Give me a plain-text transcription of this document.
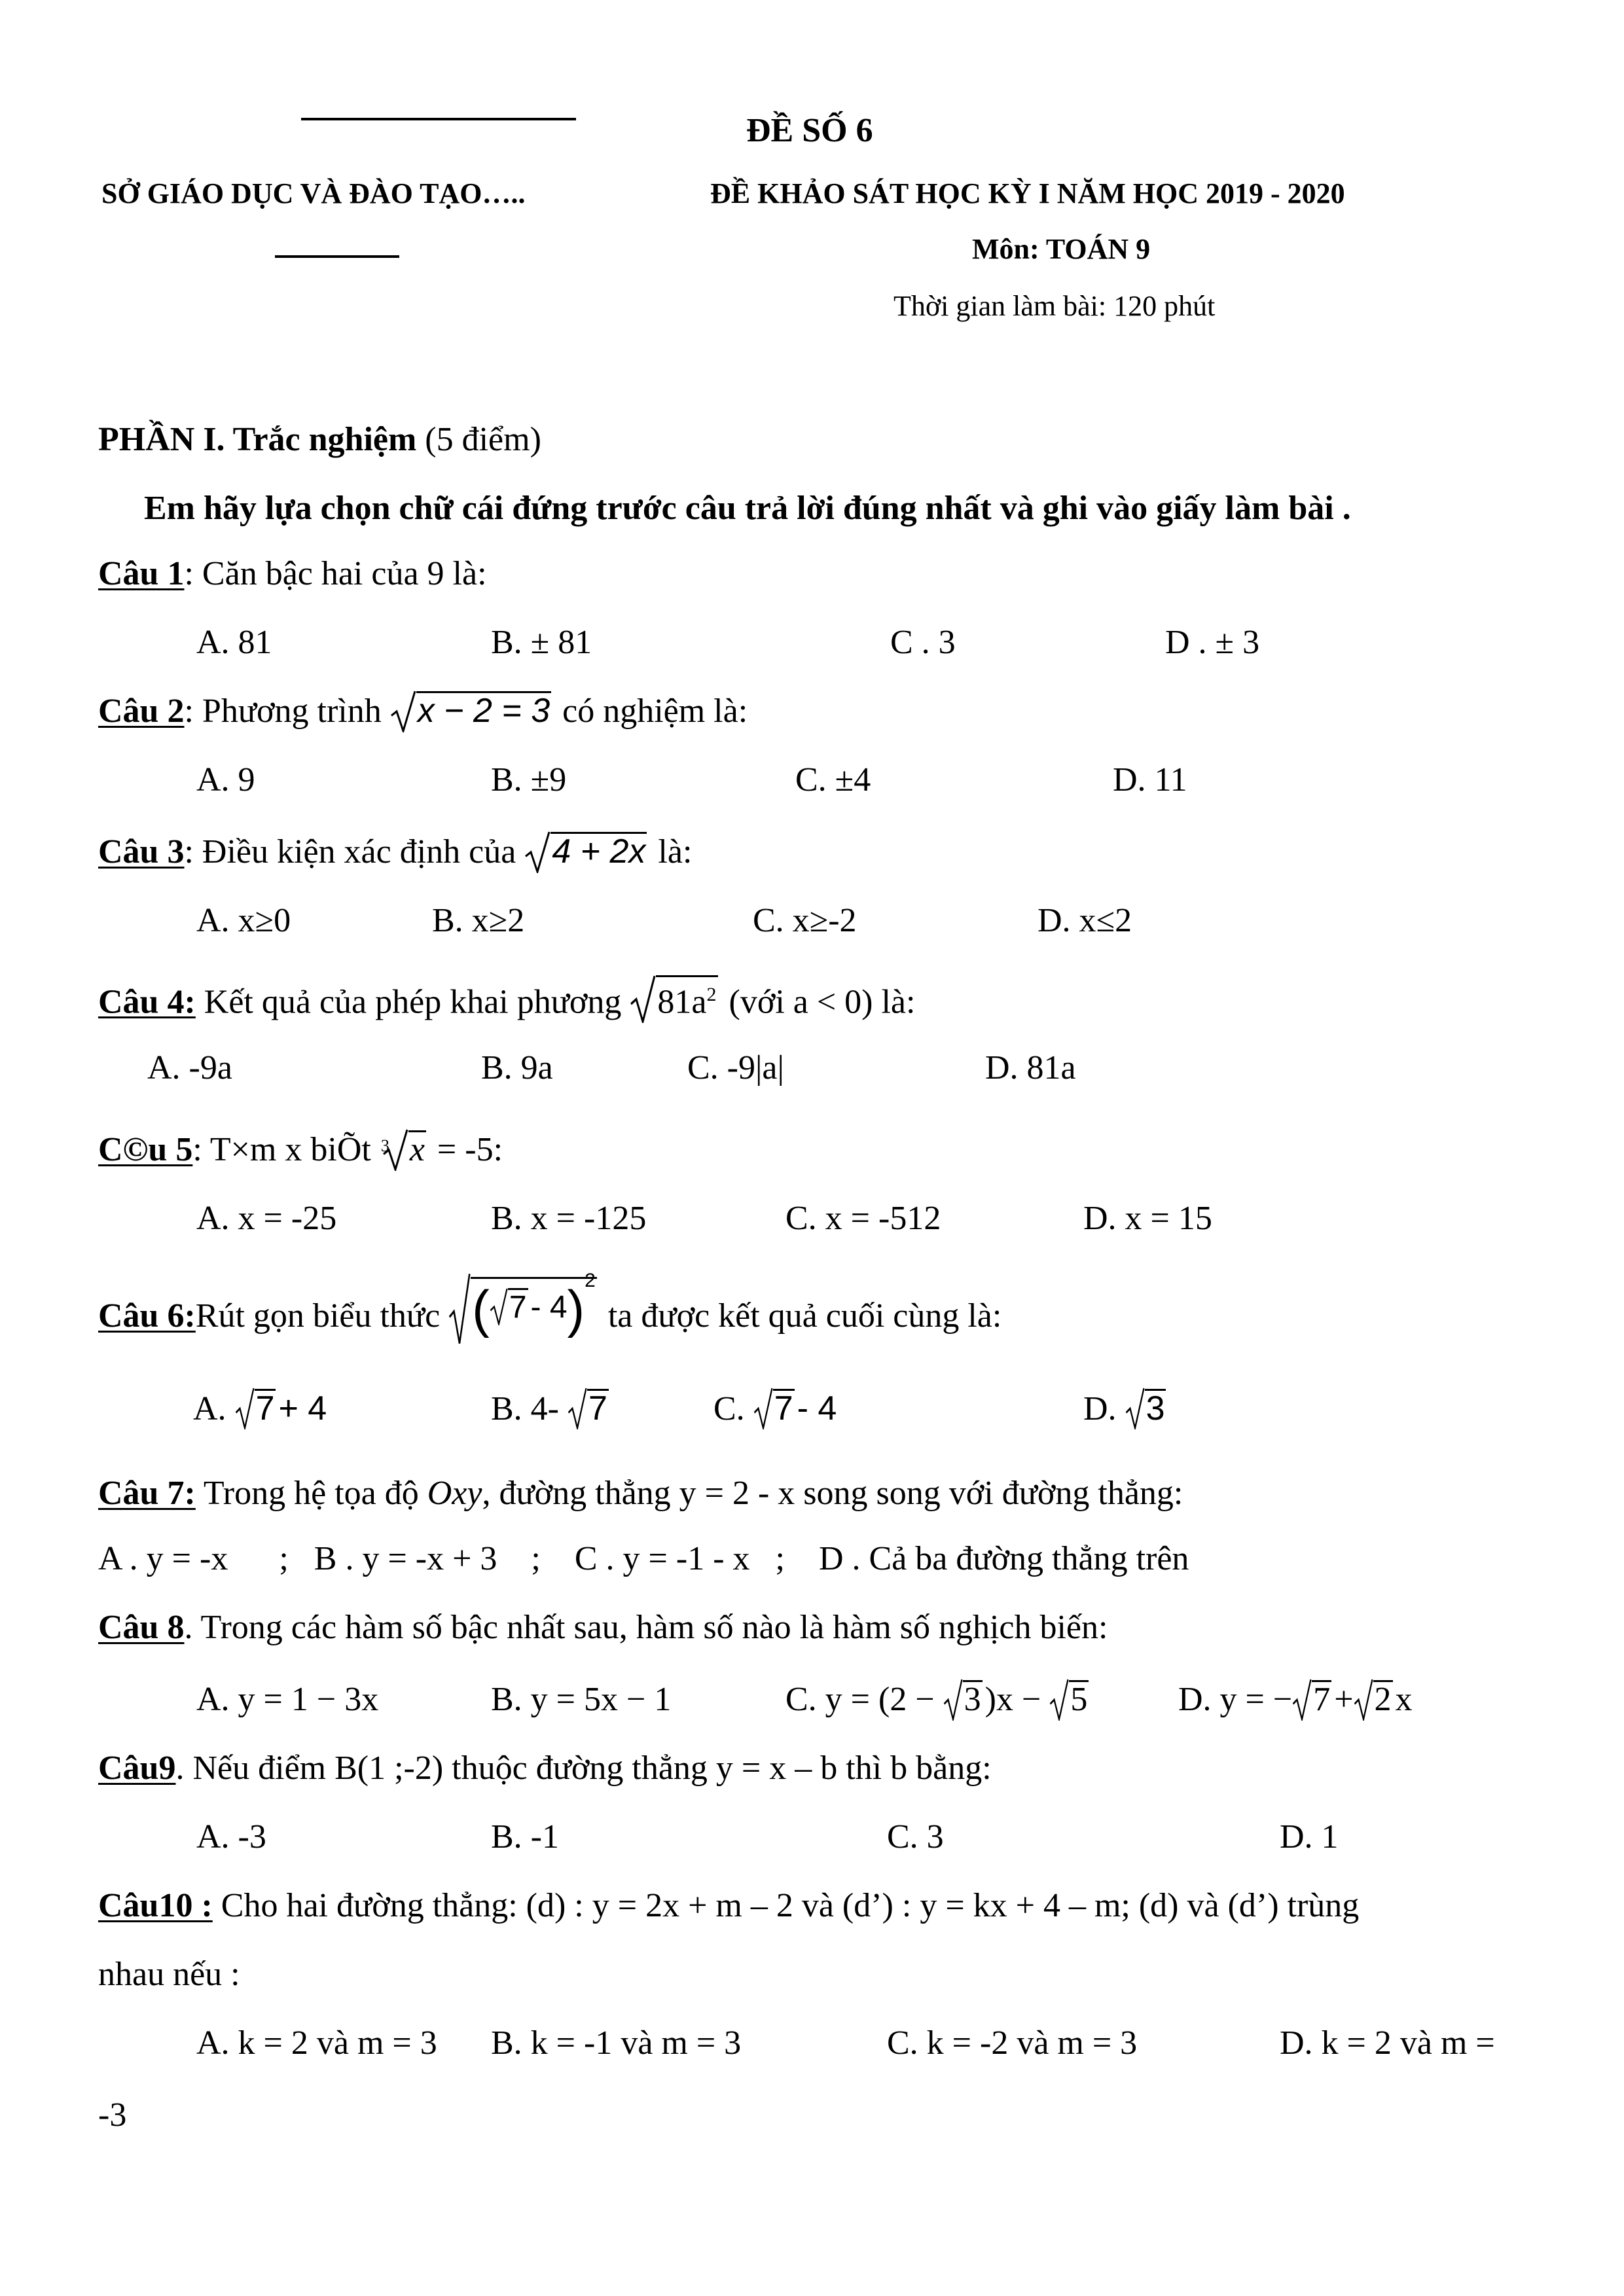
SỞ GIÁO DỤC VÀ ĐÀO TẠO…..
ĐỀ SỐ 6
ĐỀ KHẢO SÁT HỌC KỲ I NĂM HỌC 2019 - 2020
Môn: TOÁN 9
Thời gian làm bài: 120 phút
PHẦN I. Trắc nghiệm (5 điểm)
Em hãy lựa chọn chữ cái đứng trước câu trả lời đúng nhất và ghi vào giấy làm bài .
Câu 1: Căn bậc hai của 9 là:
A. 81	B. ± 81	C . 3	D . ± 3
Câu 2: Phương trình x − 2 = 3 có nghiệm là:
A. 9	B. ±9	C. ±4	D. 11
Câu 3: Điều kiện xác định của 4 + 2x là:
A. x≥0	B. x≥2	C. x≥-2	D. x≤2
Câu 4: Kết quả của phép khai phương $81a^2$ (với a < 0) là:
A. -9a	B. 9a	C. -9|a|	D. 81a
C©u 5: T×m x biÕt 3 x = -5:
A. x = -25	B. x = -125	C. x = -512	D. x = 15
Câu 6:Rút gọn biểu thức ( 7 - 4)$^2$ ta được kết quả cuối cùng là:
A. 7 + 4	B. 4- 7	C. 7 - 4	D. 3
Câu 7: Trong hệ tọa độ Oxy, đường thẳng y = 2 - x song song với đường thẳng:
A . y = -x      ;   B . y = -x + 3    ;    C . y = -1 - x   ;    D . Cả ba đường thẳng trên
Câu 8. Trong các hàm số bậc nhất sau, hàm số nào là hàm số nghịch biến:
A. y = 1 − 3x	B. y = 5x − 1	C. y = (2 − 3 )x − 5	D. y = − 7 + 2 x
Câu9. Nếu điểm B(1 ;-2) thuộc đường thẳng y = x – b thì b bằng:
A. -3	B. -1	C. 3	D. 1
Câu10 : Cho hai đường thẳng: (d) : y = 2x + m – 2 và (d’) : y = kx + 4 – m; (d) và (d’) trùng
nhau nếu :
A. k = 2 và m = 3 B. k = -1 và m = 3	C. k = -2 và m = 3	D. k = 2 và m =
-3
